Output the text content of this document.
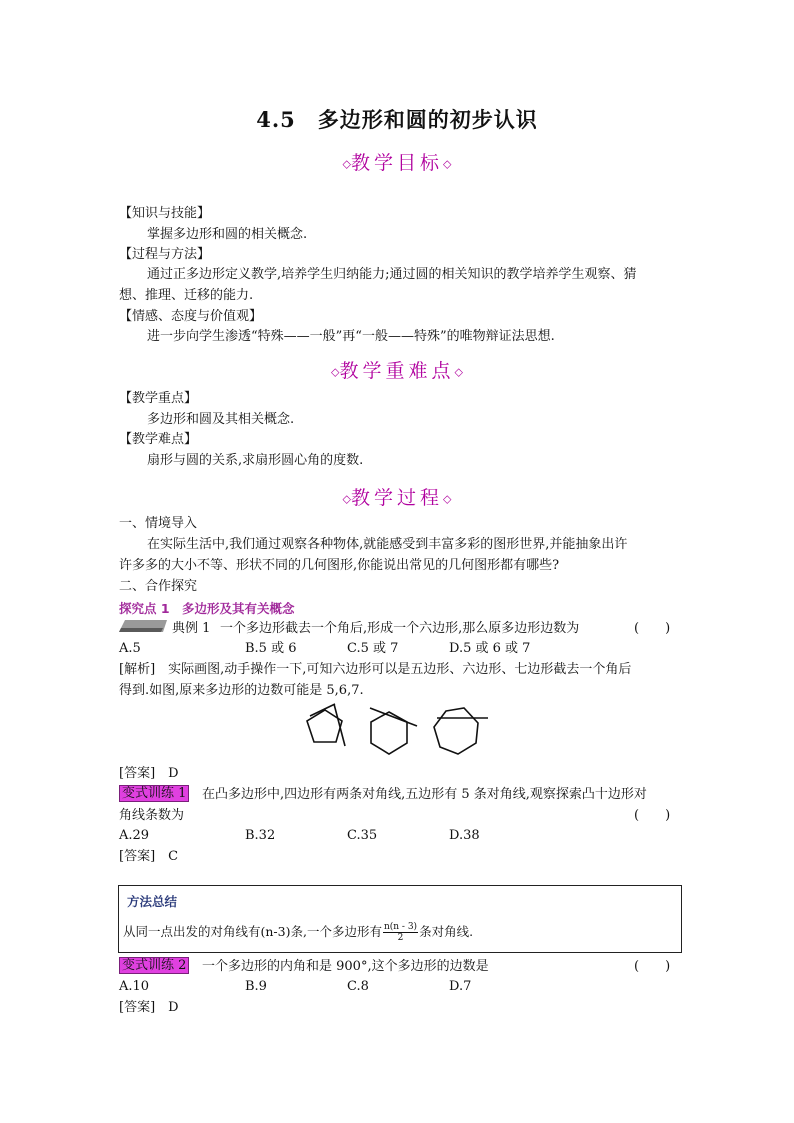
4.5　多边形和圆的初步认识
◇教学目标◇
【知识与技能】
掌握多边形和圆的相关概念.
【过程与方法】
通过正多边形定义教学,培养学生归纳能力;通过圆的相关知识的教学培养学生观察、猜
想、推理、迁移的能力.
【情感、态度与价值观】
进一步向学生渗透“特殊——一般”再“一般——特殊”的唯物辩证法思想.
◇教学重难点◇
【教学重点】
多边形和圆及其相关概念.
【教学难点】
扇形与圆的关系,求扇形圆心角的度数.
◇教学过程◇
一、情境导入
在实际生活中,我们通过观察各种物体,就能感受到丰富多彩的图形世界,并能抽象出许
许多多的大小不等、形状不同的几何图形,你能说出常见的几何图形都有哪些?
二、合作探究
探究点 1　多边形及其有关概念
典例 1 一个多边形截去一个角后,形成一个六边形,那么原多边形边数为	(　　)
A.5	B.5 或 6	C.5 或 7	D.5 或 6 或 7
[解析]　实际画图,动手操作一下,可知六边形可以是五边形、六边形、七边形截去一个角后
得到.如图,原来多边形的边数可能是 5,6,7.
[答案]　D
变式训练 1 在凸多边形中,四边形有两条对角线,五边形有 5 条对角线,观察探索凸十边形对
角线条数为	(　　)
A.29	B.32	C.35	D.38
[答案]　C
方法总结
从同一点出发的对角线有(n-3)条,一个多边形有 $\frac{n(n - 3)}{2}$ 条对角线.
变式训练 2 一个多边形的内角和是 900°,这个多边形的边数是	(　　)
A.10	B.9	C.8	D.7
[答案]　D
